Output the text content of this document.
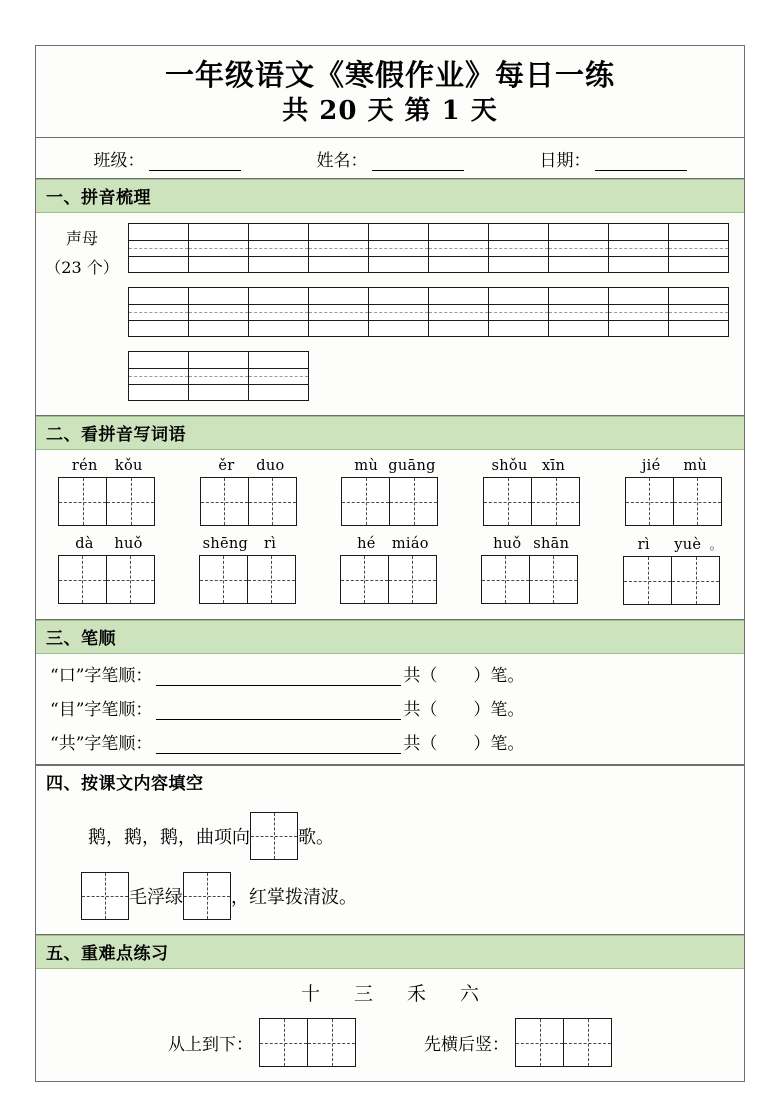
一年级语文《寒假作业》每日一练
共 20 天 第 1 天
班级：	姓名：	日期：
一、拼音梳理
声母
（23 个）
二、看拼音写词语
rén kǒu	ěr duo	mù guāng	shǒu xīn	jié mù
dà huǒ	shēng rì	hé miáo	huǒ shān	rì yuè 。
三、笔顺
“口”字笔顺：	共（ ）笔。
“目”字笔顺：	共（ ）笔。
“共”字笔顺：	共（ ）笔。
四、按课文内容填空
鹅，鹅，鹅，曲项向	歌。
毛浮绿	，红掌拨清波。
五、重难点练习
十 三 禾 六
从上到下：	先横后竖：
